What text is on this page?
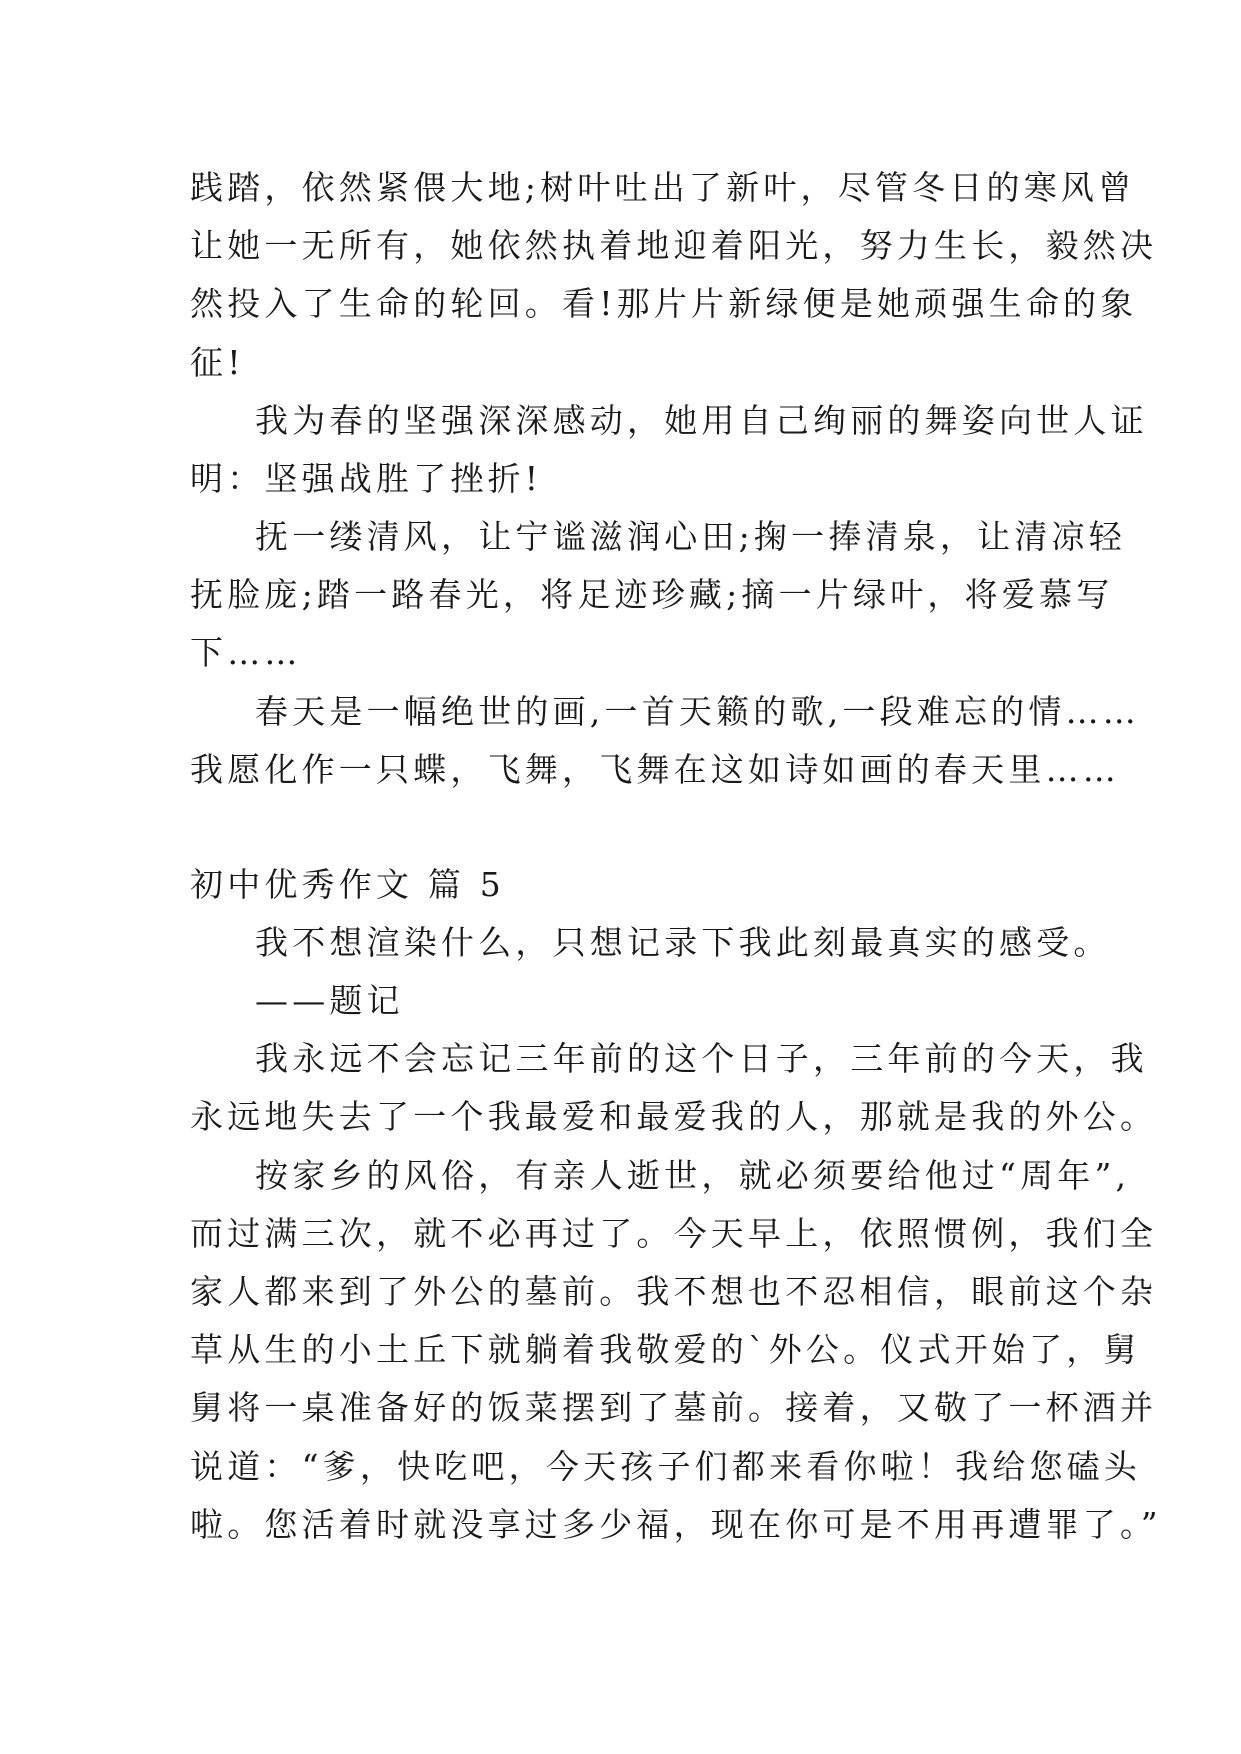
践踏，依然紧偎大地;树叶吐出了新叶，尽管冬日的寒风曾
让她一无所有，她依然执着地迎着阳光，努力生长，毅然决
然投入了生命的轮回。看!那片片新绿便是她顽强生命的象
征!
我为春的坚强深深感动，她用自己绚丽的舞姿向世人证
明：坚强战胜了挫折!
抚一缕清风，让宁谧滋润心田;掬一捧清泉，让清凉轻
抚脸庞;踏一路春光，将足迹珍藏;摘一片绿叶，将爱慕写
下……
春天是一幅绝世的画,一首天籁的歌,一段难忘的情……
我愿化作一只蝶，飞舞，飞舞在这如诗如画的春天里……
初中优秀作文 篇 5
我不想渲染什么，只想记录下我此刻最真实的感受。
——题记
我永远不会忘记三年前的这个日子，三年前的今天，我
永远地失去了一个我最爱和最爱我的人，那就是我的外公。
按家乡的风俗，有亲人逝世，就必须要给他过“周年”,
而过满三次，就不必再过了。今天早上，依照惯例，我们全
家人都来到了外公的墓前。我不想也不忍相信，眼前这个杂
草从生的小土丘下就躺着我敬爱的`外公。仪式开始了，舅
舅将一桌准备好的饭菜摆到了墓前。接着，又敬了一杯酒并
说道：“爹，快吃吧，今天孩子们都来看你啦！我给您磕头
啦。您活着时就没享过多少福，现在你可是不用再遭罪了。”
